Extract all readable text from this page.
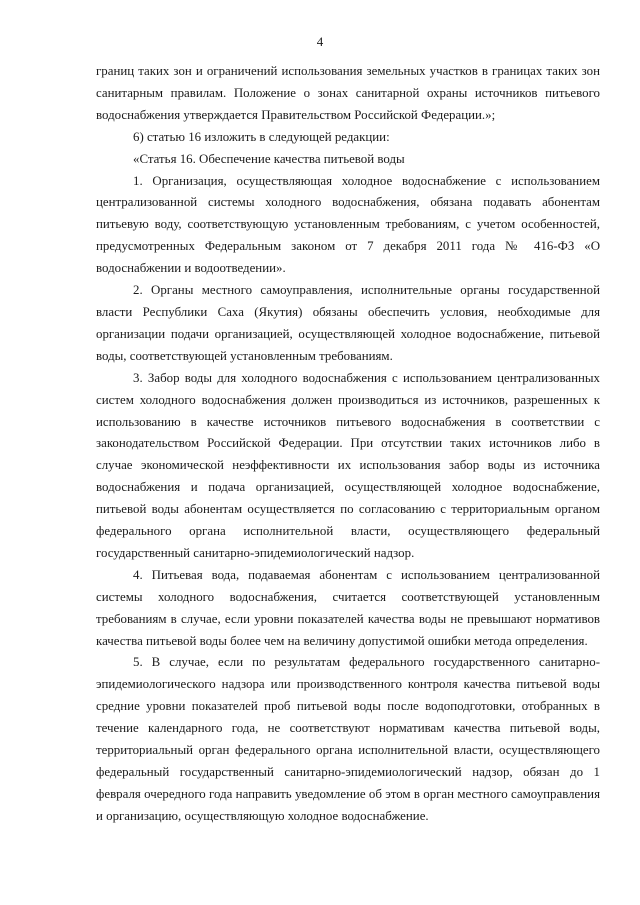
4

границ таких зон и ограничений использования земельных участков в границах таких зон санитарным правилам. Положение о зонах санитарной охраны источников питьевого водоснабжения утверждается Правительством Российской Федерации.»;

6) статью 16 изложить в следующей редакции:

«Статья 16. Обеспечение качества питьевой воды

1. Организация, осуществляющая холодное водоснабжение с использованием централизованной системы холодного водоснабжения, обязана подавать абонентам питьевую воду, соответствующую установленным требованиям, с учетом особенностей, предусмотренных Федеральным законом от 7 декабря 2011 года № 416-ФЗ «О водоснабжении и водоотведении».

2. Органы местного самоуправления, исполнительные органы государственной власти Республики Саха (Якутия) обязаны обеспечить условия, необходимые для организации подачи организацией, осуществляющей холодное водоснабжение, питьевой воды, соответствующей установленным требованиям.

3. Забор воды для холодного водоснабжения с использованием централизованных систем холодного водоснабжения должен производиться из источников, разрешенных к использованию в качестве источников питьевого водоснабжения в соответствии с законодательством Российской Федерации. При отсутствии таких источников либо в случае экономической неэффективности их использования забор воды из источника водоснабжения и подача организацией, осуществляющей холодное водоснабжение, питьевой воды абонентам осуществляется по согласованию с территориальным органом федерального органа исполнительной власти, осуществляющего федеральный государственный санитарно-эпидемиологический надзор.

4. Питьевая вода, подаваемая абонентам с использованием централизованной системы холодного водоснабжения, считается соответствующей установленным требованиям в случае, если уровни показателей качества воды не превышают нормативов качества питьевой воды более чем на величину допустимой ошибки метода определения.

5. В случае, если по результатам федерального государственного санитарно-эпидемиологического надзора или производственного контроля качества питьевой воды средние уровни показателей проб питьевой воды после водоподготовки, отобранных в течение календарного года, не соответствуют нормативам качества питьевой воды, территориальный орган федерального органа исполнительной власти, осуществляющего федеральный государственный санитарно-эпидемиологический надзор, обязан до 1 февраля очередного года направить уведомление об этом в орган местного самоуправления и организацию, осуществляющую холодное водоснабжение.
